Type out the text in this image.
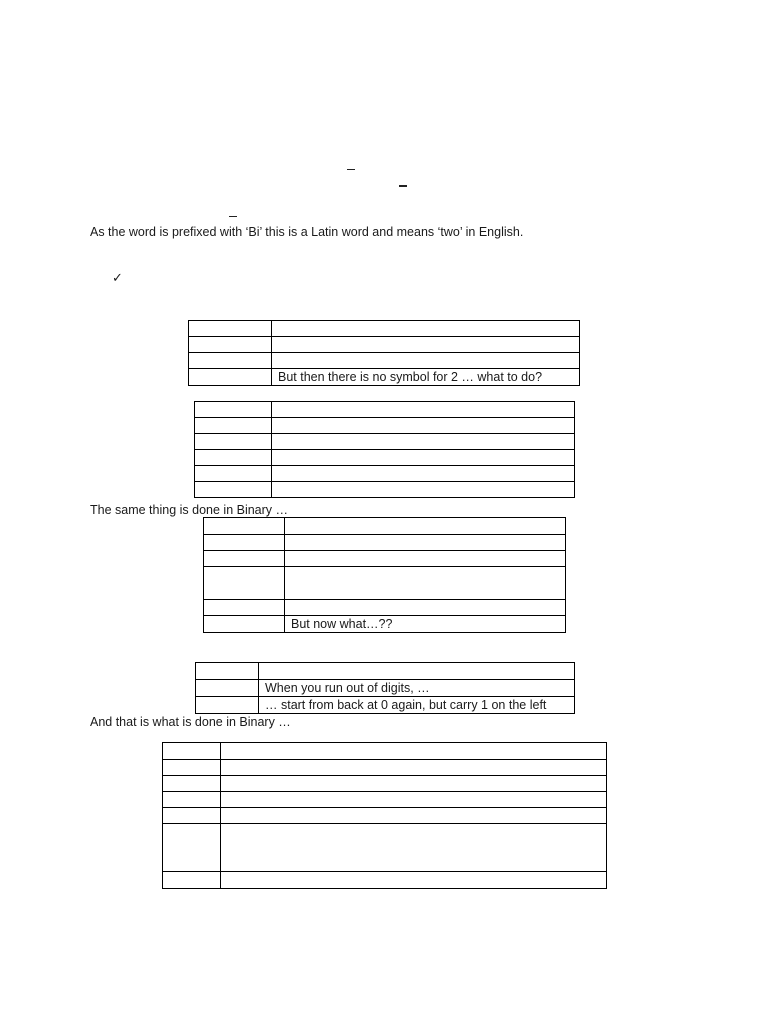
As the word is prefixed with ‘Bi’ this is a Latin word and means ‘two’ in English.
✓

	But then there is no symbol for 2 … what to do?

The same thing is done in Binary …

	But now what…??

	When you run out of digits, …
	… start from back at 0 again, but carry 1 on the left
And that is what is done in Binary …
